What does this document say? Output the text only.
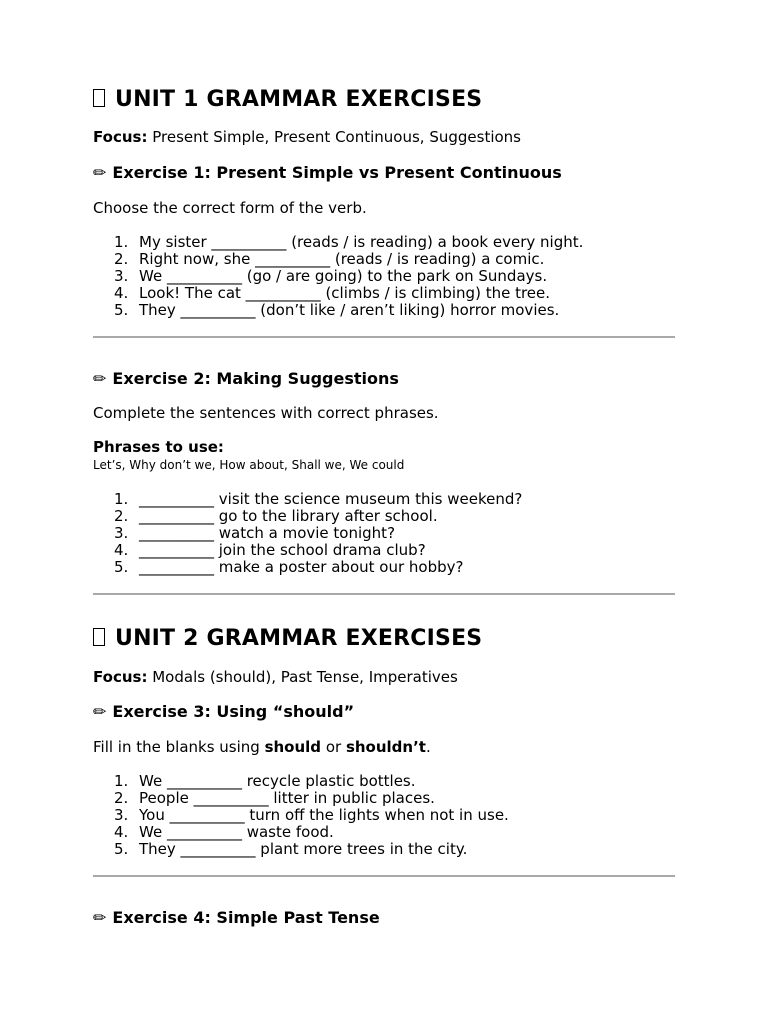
UNIT 1 GRAMMAR EXERCISES
Focus: Present Simple, Present Continuous, Suggestions
✏ Exercise 1: Present Simple vs Present Continuous
Choose the correct form of the verb.
1. My sister __________ (reads / is reading) a book every night.
2. Right now, she __________ (reads / is reading) a comic.
3. We __________ (go / are going) to the park on Sundays.
4. Look! The cat __________ (climbs / is climbing) the tree.
5. They __________ (don’t like / aren’t liking) horror movies.
✏ Exercise 2: Making Suggestions
Complete the sentences with correct phrases.
Phrases to use:
Let’s, Why don’t we, How about, Shall we, We could
1. __________ visit the science museum this weekend?
2. __________ go to the library after school.
3. __________ watch a movie tonight?
4. __________ join the school drama club?
5. __________ make a poster about our hobby?
UNIT 2 GRAMMAR EXERCISES
Focus: Modals (should), Past Tense, Imperatives
✏ Exercise 3: Using “should”
Fill in the blanks using should or shouldn’t.
1. We __________ recycle plastic bottles.
2. People __________ litter in public places.
3. You __________ turn off the lights when not in use.
4. We __________ waste food.
5. They __________ plant more trees in the city.
✏ Exercise 4: Simple Past Tense
